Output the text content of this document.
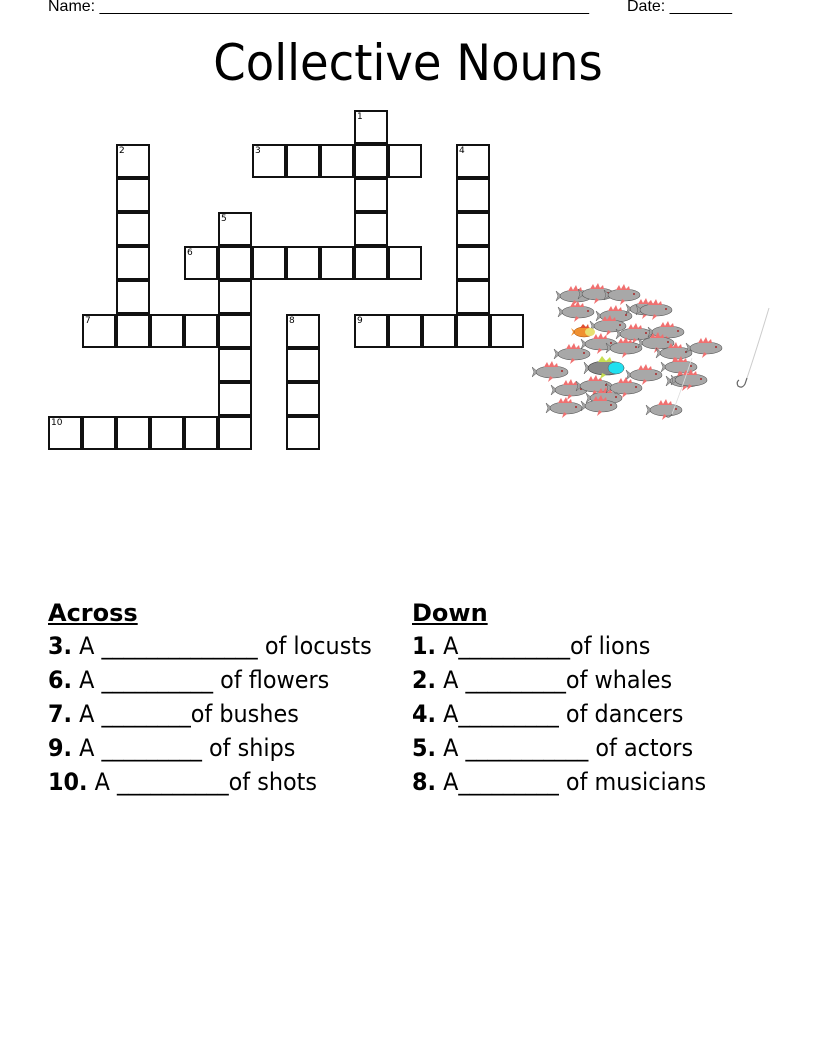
Name: _______________________________________________________ Date: _______
Collective Nouns
1
2	3	4
5
6
7	8	9
10
Across
3. A ______________ of locusts
6. A __________ of flowers
7. A ________of bushes
9. A _________ of ships
10. A __________of shots
Down
1. A__________of lions
2. A _________of whales
4. A_________ of dancers
5. A ___________ of actors
8. A_________ of musicians
